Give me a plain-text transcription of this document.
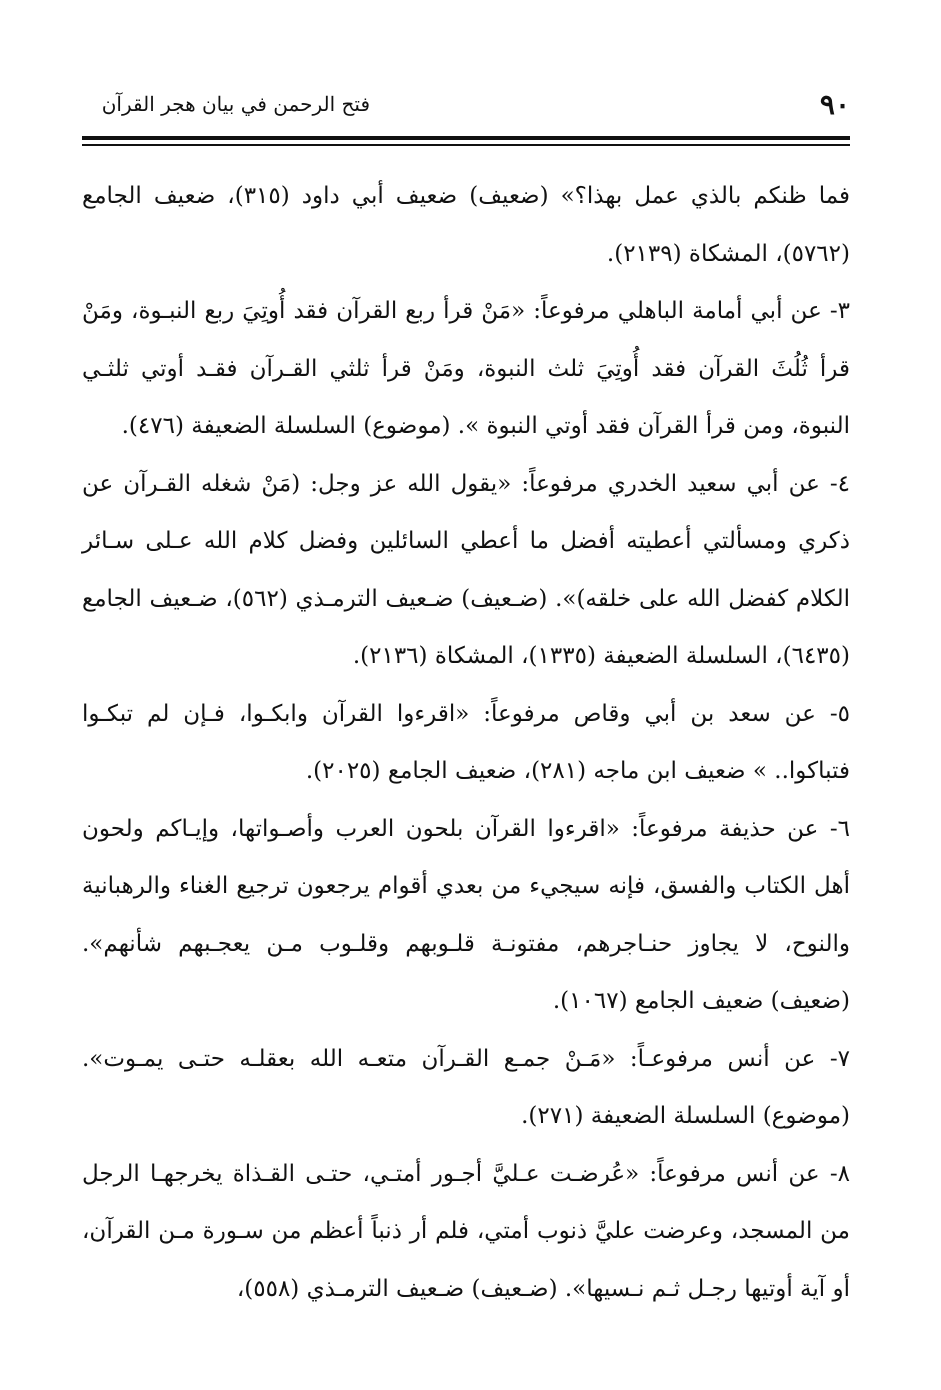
٩٠
فتح الرحمن في بيان هجر القرآن

فما ظنكم بالذي عمل بهذا؟» (ضعيف) ضعيف أبي داود (٣١٥)، ضعيف الجامع (٥٧٦٢)، المشكاة (٢١٣٩).

٣- عن أبي أمامة الباهلي مرفوعاً: «مَنْ قرأ ربع القرآن فقد أُوتِيَ ربع النبـوة، ومَنْ قرأ ثُلُثَ القرآن فقد أُوتِيَ ثلث النبوة، ومَنْ قرأ ثلثي القـرآن فقـد أوتي ثلثـي النبوة، ومن قرأ القرآن فقد أوتي النبوة ». (موضوع) السلسلة الضعيفة (٤٧٦).

٤- عن أبي سعيد الخدري مرفوعاً: «يقول الله عز وجل: (مَنْ شغله القـرآن عن ذكري ومسألتي أعطيته أفضل ما أعطي السائلين وفضل كلام الله عـلى سـائر الكلام كفضل الله على خلقه)». (ضـعيف) ضـعيف الترمـذي (٥٦٢)، ضـعيف الجامع (٦٤٣٥)، السلسلة الضعيفة (١٣٣٥)، المشكاة (٢١٣٦).

٥- عن سعد بن أبي وقاص مرفوعاً: «اقرءوا القرآن وابكـوا، فـإن لم تبكـوا فتباكوا.. » ضعيف ابن ماجه (٢٨١)، ضعيف الجامع (٢٠٢٥).

٦- عن حذيفة مرفوعاً: «اقرءوا القرآن بلحون العرب وأصـواتها، وإيـاكم ولحون أهل الكتاب والفسق، فإنه سيجيء من بعدي أقوام يرجعون ترجيع الغناء والرهبانية والنوح، لا يجاوز حنـاجرهم، مفتونـة قلـوبهم وقلـوب مـن يعجـبهم شأنهم». (ضعيف) ضعيف الجامع (١٠٦٧).

٧- عن أنس مرفوعـاً: «مَـنْ جمـع القـرآن متعـه الله بعقلـه حتـى يمـوت». (موضوع) السلسلة الضعيفة (٢٧١).

٨- عن أنس مرفوعاً: «عُرضـت عـليَّ أجـور أمتـي، حتـى القـذاة يخرجهـا الرجل من المسجد، وعرضت عليَّ ذنوب أمتي، فلم أر ذنباً أعظم من سـورة مـن القرآن، أو آية أوتيها رجـل ثـم نـسيها». (ضـعيف) ضـعيف الترمـذي (٥٥٨)،
